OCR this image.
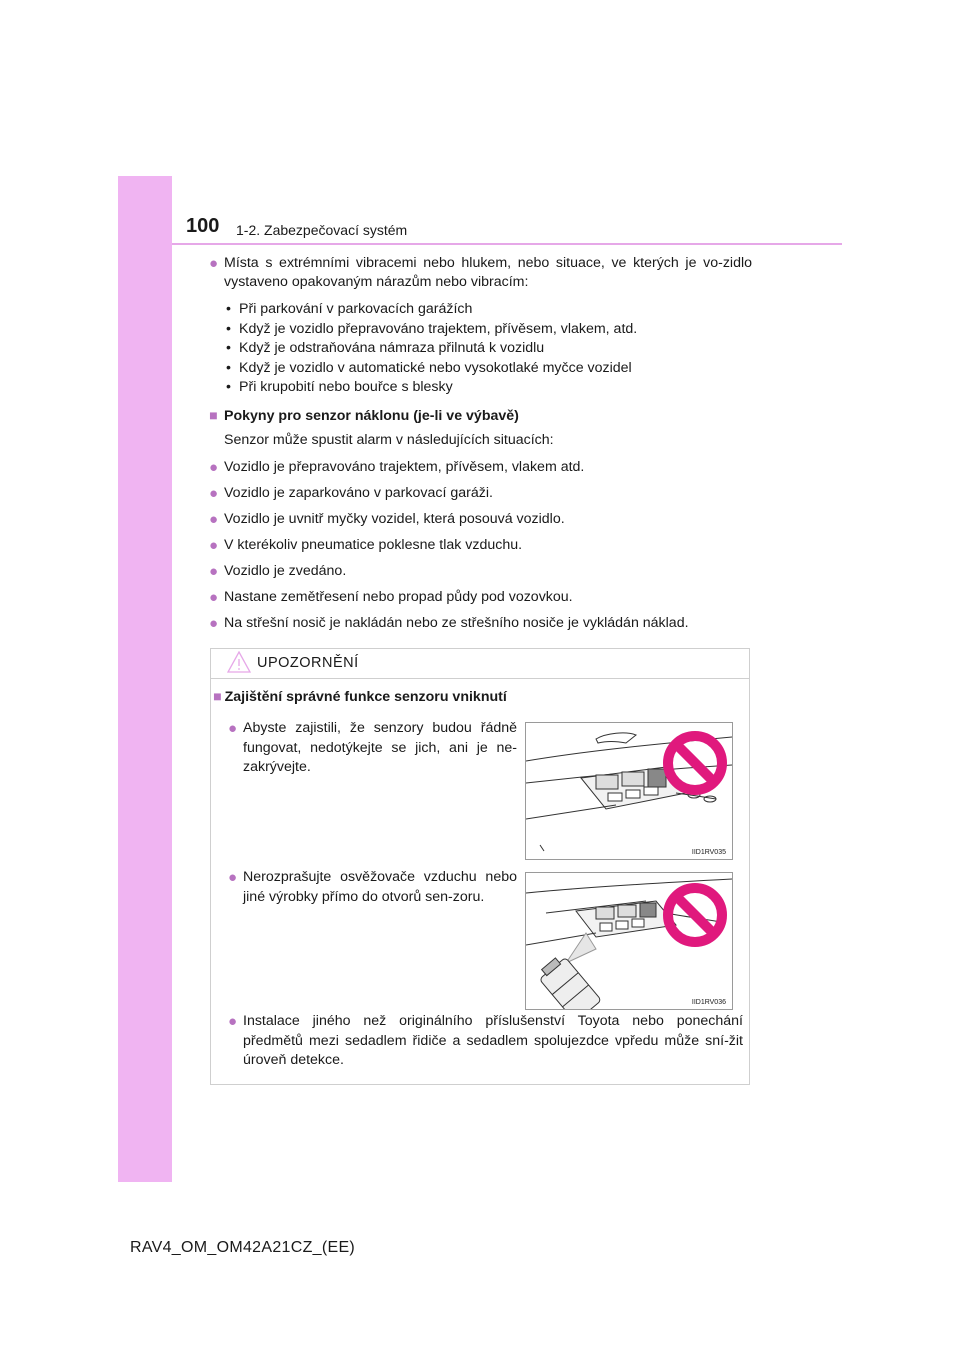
100 1-2. Zabezpečovací systém
● Místa s extrémními vibracemi nebo hlukem, nebo situace, ve kterých je vo-zidlo vystaveno opakovaným nárazům nebo vibracím:
• Při parkování v parkovacích garážích
• Když je vozidlo přepravováno trajektem, přívěsem, vlakem, atd.
• Když je odstraňována námraza přilnutá k vozidlu
• Když je vozidlo v automatické nebo vysokotlaké myčce vozidel
• Při krupobití nebo bouřce s blesky
■ Pokyny pro senzor náklonu (je-li ve výbavě)
Senzor může spustit alarm v následujících situacích:
● Vozidlo je přepravováno trajektem, přívěsem, vlakem atd.
● Vozidlo je zaparkováno v parkovací garáži.
● Vozidlo je uvnitř myčky vozidel, která posouvá vozidlo.
● V kterékoliv pneumatice poklesne tlak vzduchu.
● Vozidlo je zvedáno.
● Nastane zemětřesení nebo propad půdy pod vozovkou.
● Na střešní nosič je nakládán nebo ze střešního nosiče je vykládán náklad.
UPOZORNĚNÍ
■ Zajištění správné funkce senzoru vniknutí
● Abyste zajistili, že senzory budou řádně fungovat, nedotýkejte se jich, ani je ne-zakrývejte.
IID1RV035
● Nerozprašujte osvěžovače vzduchu nebo jiné výrobky přímo do otvorů sen-zoru.
IID1RV036
● Instalace jiného než originálního příslušenství Toyota nebo ponechání předmětů mezi sedadlem řidiče a sedadlem spolujezdce vpředu může sní-žit úroveň detekce.
RAV4_OM_OM42A21CZ_(EE)
